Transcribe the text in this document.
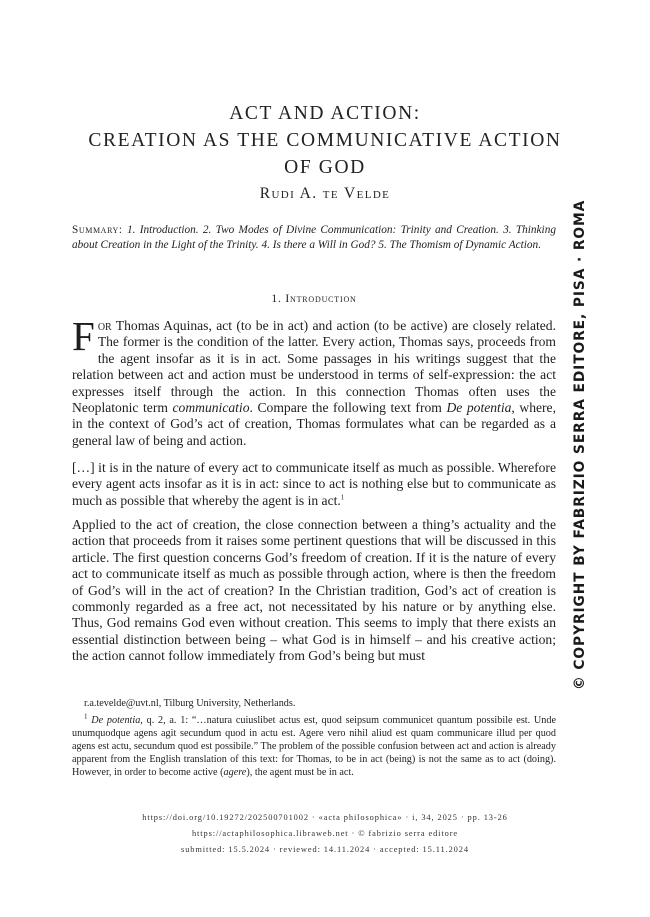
ACT AND ACTION:
CREATION AS THE COMMUNICATIVE ACTION
OF GOD
Rudi A. te Velde
Summary: 1. Introduction. 2. Two Modes of Divine Communication: Trinity and Creation. 3. Thinking about Creation in the Light of the Trinity. 4. Is there a Will in God? 5. The Thomism of Dynamic Action.
1. Introduction
For Thomas Aquinas, act (to be in act) and action (to be active) are closely related. The former is the condition of the latter. Every action, Thomas says, proceeds from the agent insofar as it is in act. Some passages in his writings suggest that the relation between act and action must be understood in terms of self-expression: the act expresses itself through the action. In this connection Thomas often uses the Neoplatonic term communicatio. Compare the following text from De potentia, where, in the context of God’s act of creation, Thomas formulates what can be regarded as a general law of being and action.
[…] it is in the nature of every act to communicate itself as much as possible. Wherefore every agent acts insofar as it is in act: since to act is nothing else but to communicate as much as possible that whereby the agent is in act.$^1$
Applied to the act of creation, the close connection between a thing’s actuality and the action that proceeds from it raises some pertinent questions that will be discussed in this article. The first question concerns God’s freedom of creation. If it is the nature of every act to communicate itself as much as possible through action, where is then the freedom of God’s will in the act of creation? In the Christian tradition, God’s act of creation is commonly regarded as a free act, not necessitated by his nature or by anything else. Thus, God remains God even without creation. This seems to imply that there exists an essential distinction between being – what God is in himself – and his creative action; the action cannot follow immediately from God’s being but must
r.a.tevelde@uvt.nl, Tilburg University, Netherlands.
$^1$ De potentia, q. 2, a. 1: “…natura cuiuslibet actus est, quod seipsum communicet quantum possibile est. Unde unumquodque agens agit secundum quod in actu est. Agere vero nihil aliud est quam communicare illud per quod agens est actu, secundum quod est possibile.” The problem of the possible confusion between act and action is already apparent from the English translation of this text: for Thomas, to be in act (being) is not the same as to act (doing). However, in order to become active (agere), the agent must be in act.
https://doi.org/10.19272/202500701002 · «acta philosophica» · i, 34, 2025 · pp. 13-26
https://actaphilosophica.libraweb.net · © fabrizio serra editore
submitted: 15.5.2024 · reviewed: 14.11.2024 · accepted: 15.11.2024
© COPYRIGHT BY FABRIZIO SERRA EDITORE, PISA · ROMA
